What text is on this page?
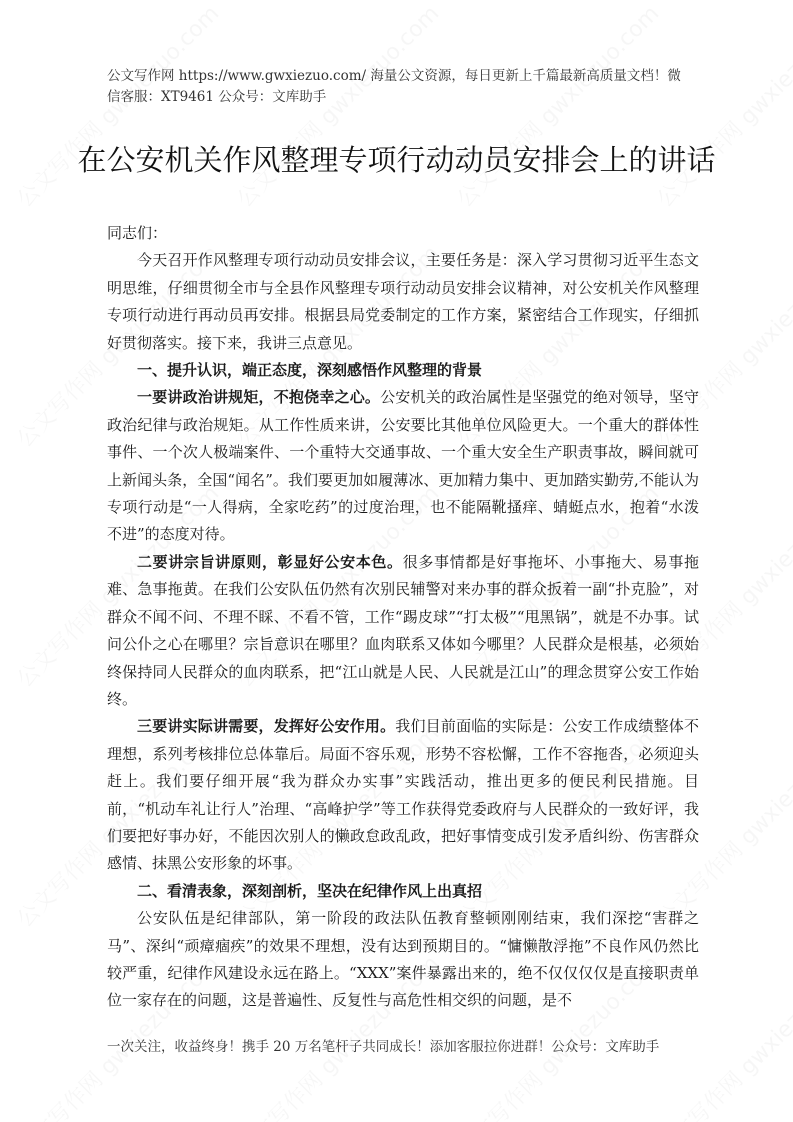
公文写作网 https://www.gwxiezuo.com/ 海量公文资源，每日更新上千篇最新高质量文档！微信客服：XT9461 公众号：文库助手
在公安机关作风整理专项行动动员安排会上的讲话

同志们：

今天召开作风整理专项行动动员安排会议，主要任务是：深入学习贯彻习近平生态文明思维，仔细贯彻全市与全县作风整理专项行动动员安排会议精神，对公安机关作风整理专项行动进行再动员再安排。根据县局党委制定的工作方案，紧密结合工作现实，仔细抓好贯彻落实。接下来，我讲三点意见。

一、提升认识，端正态度，深刻感悟作风整理的背景

一要讲政治讲规矩，不抱侥幸之心。公安机关的政治属性是坚强党的绝对领导，坚守政治纪律与政治规矩。从工作性质来讲，公安要比其他单位风险更大。一个重大的群体性事件、一个次人极端案件、一个重特大交通事故、一个重大安全生产职责事故，瞬间就可上新闻头条，全国“闻名”。我们要更加如履薄冰、更加精力集中、更加踏实勤劳,不能认为专项行动是“一人得病，全家吃药”的过度治理，也不能隔靴搔痒、蜻蜓点水，抱着“水泼不进”的态度对待。

二要讲宗旨讲原则，彰显好公安本色。很多事情都是好事拖坏、小事拖大、易事拖难、急事拖黄。在我们公安队伍仍然有次别民辅警对来办事的群众扳着一副“扑克脸”，对群众不闻不问、不理不睬、不看不管，工作“踢皮球”“打太极”“甩黑锅”，就是不办事。试问公仆之心在哪里？宗旨意识在哪里？血肉联系又体如今哪里？人民群众是根基，必须始终保持同人民群众的血肉联系，把“江山就是人民、人民就是江山”的理念贯穿公安工作始终。

三要讲实际讲需要，发挥好公安作用。我们目前面临的实际是：公安工作成绩整体不理想，系列考核排位总体靠后。局面不容乐观，形势不容松懈，工作不容拖沓，必须迎头赶上。我们要仔细开展“我为群众办实事”实践活动，推出更多的便民利民措施。目前，“机动车礼让行人”治理、“高峰护学”等工作获得党委政府与人民群众的一致好评，我们要把好事办好，不能因次别人的懒政怠政乱政，把好事情变成引发矛盾纠纷、伤害群众感情、抹黑公安形象的坏事。

二、看清表象，深刻剖析，坚决在纪律作风上出真招

公安队伍是纪律部队，第一阶段的政法队伍教育整顿刚刚结束，我们深挖“害群之马”、深纠“顽瘴痼疾”的效果不理想，没有达到预期目的。“慵懒散浮拖”不良作风仍然比较严重，纪律作风建设永远在路上。“XXX”案件暴露出来的，绝不仅仅仅仅是直接职责单位一家存在的问题，这是普遍性、反复性与高危性相交织的问题，是不

一次关注，收益终身！携手 20 万名笔杆子共同成长！添加客服拉你进群！公众号：文库助手
